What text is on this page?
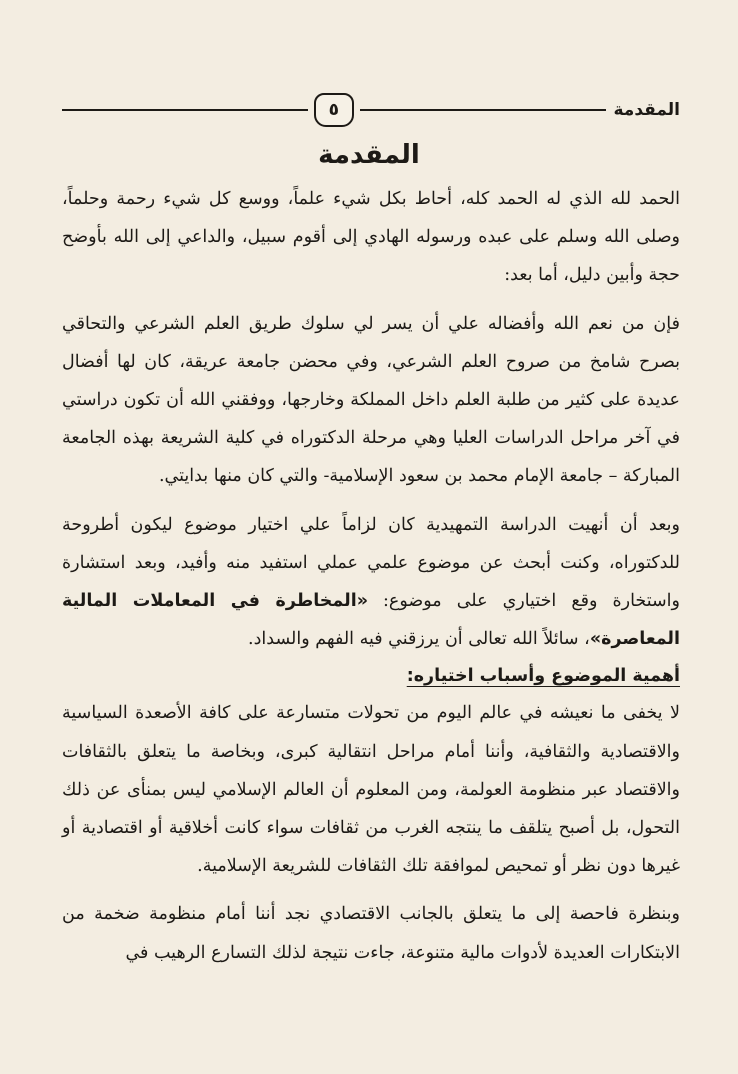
المقدمة
٥
المقدمة

الحمد لله الذي له الحمد كله، أحاط بكل شيء علماً، ووسع كل شيء رحمة وحلماً، وصلى الله وسلم على عبده ورسوله الهادي إلى أقوم سبيل، والداعي إلى الله بأوضح حجة وأبين دليل، أما بعد:

فإن من نعم الله وأفضاله علي أن يسر لي سلوك طريق العلم الشرعي والتحاقي بصرح شامخ من صروح العلم الشرعي، وفي محضن جامعة عريقة، كان لها أفضال عديدة على كثير من طلبة العلم داخل المملكة وخارجها، ووفقني الله أن تكون دراستي في آخر مراحل الدراسات العليا وهي مرحلة الدكتوراه في كلية الشريعة بهذه الجامعة المباركة – جامعة الإمام محمد بن سعود الإسلامية- والتي كان منها بدايتي.

وبعد أن أنهيت الدراسة التمهيدية كان لزاماً علي اختيار موضوع ليكون أطروحة للدكتوراه، وكنت أبحث عن موضوع علمي عملي استفيد منه وأفيد، وبعد استشارة واستخارة وقع اختياري على موضوع: «المخاطرة في المعاملات المالية المعاصرة»، سائلاً الله تعالى أن يرزقني فيه الفهم والسداد.

أهمية الموضوع وأسباب اختياره:

لا يخفى ما نعيشه في عالم اليوم من تحولات متسارعة على كافة الأصعدة السياسية والاقتصادية والثقافية، وأننا أمام مراحل انتقالية كبرى، وبخاصة ما يتعلق بالثقافات والاقتصاد عبر منظومة العولمة، ومن المعلوم أن العالم الإسلامي ليس بمنأى عن ذلك التحول، بل أصبح يتلقف ما ينتجه الغرب من ثقافات سواء كانت أخلاقية أو اقتصادية أو غيرها دون نظر أو تمحيص لموافقة تلك الثقافات للشريعة الإسلامية.

وبنظرة فاحصة إلى ما يتعلق بالجانب الاقتصادي نجد أننا أمام منظومة ضخمة من الابتكارات العديدة لأدوات مالية متنوعة، جاءت نتيجة لذلك التسارع الرهيب في
